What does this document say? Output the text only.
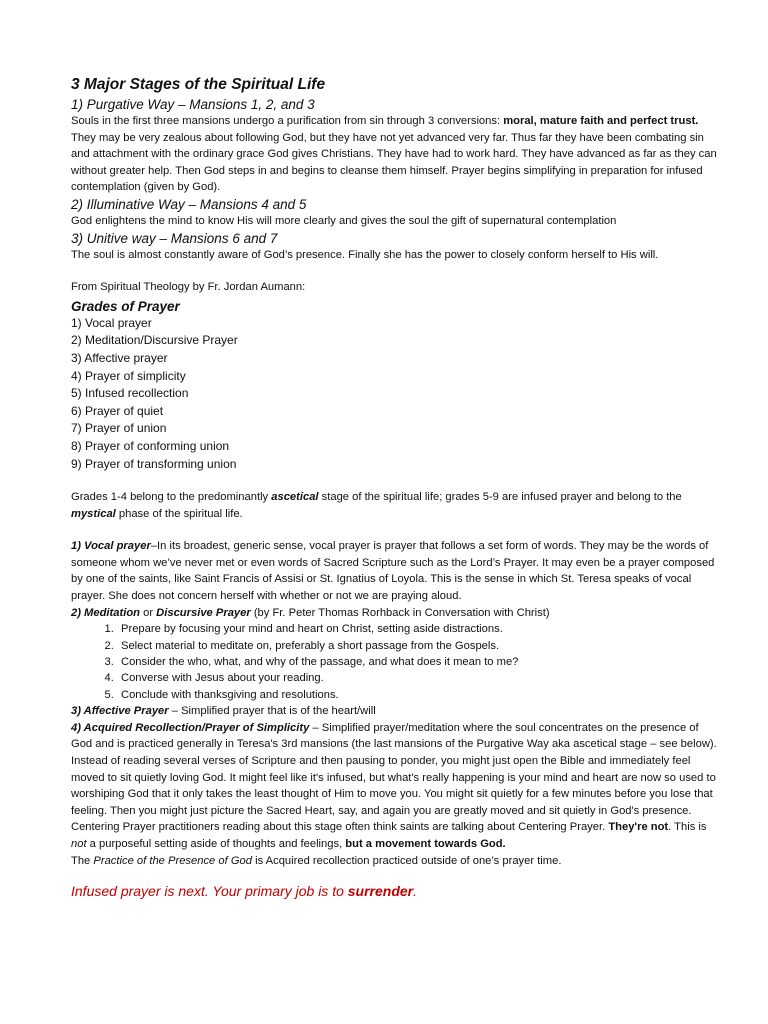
3 Major Stages of the Spiritual Life
1) Purgative Way – Mansions 1, 2, and 3

Souls in the first three mansions undergo a purification from sin through 3 conversions: moral, mature faith and perfect trust. They may be very zealous about following God, but they have not yet advanced very far. Thus far they have been combating sin and attachment with the ordinary grace God gives Christians. They have had to work hard. They have advanced as far as they can without greater help. Then God steps in and begins to cleanse them himself. Prayer begins simplifying in preparation for infused contemplation (given by God).

2) Illuminative Way – Mansions 4 and 5

God enlightens the mind to know His will more clearly and gives the soul the gift of supernatural contemplation

3) Unitive way – Mansions 6 and 7

The soul is almost constantly aware of God’s presence. Finally she has the power to closely conform herself to His will.

From Spiritual Theology by Fr. Jordan Aumann:

Grades of Prayer

1) Vocal prayer

2) Meditation/Discursive Prayer

3) Affective prayer

4) Prayer of simplicity

5) Infused recollection

6) Prayer of quiet

7) Prayer of union

8) Prayer of conforming union

9) Prayer of transforming union

Grades 1-4 belong to the predominantly ascetical stage of the spiritual life; grades 5-9 are infused prayer and belong to the mystical phase of the spiritual life.

1) Vocal prayer–In its broadest, generic sense, vocal prayer is prayer that follows a set form of words. They may be the words of someone whom we’ve never met or even words of Sacred Scripture such as the Lord’s Prayer. It may even be a prayer composed by one of the saints, like Saint Francis of Assisi or St. Ignatius of Loyola. This is the sense in which St. Teresa speaks of vocal prayer. She does not concern herself with whether or not we are praying aloud.

2) Meditation or Discursive Prayer (by Fr. Peter Thomas Rorhback in Conversation with Christ)

1. Prepare by focusing your mind and heart on Christ, setting aside distractions.
2. Select material to meditate on, preferably a short passage from the Gospels.
3. Consider the who, what, and why of the passage, and what does it mean to me?
4. Converse with Jesus about your reading.
5. Conclude with thanksgiving and resolutions.

3) Affective Prayer – Simplified prayer that is of the heart/will

4) Acquired Recollection/Prayer of Simplicity – Simplified prayer/meditation where the soul concentrates on the presence of God and is practiced generally in Teresa's 3rd mansions (the last mansions of the Purgative Way aka ascetical stage – see below). Instead of reading several verses of Scripture and then pausing to ponder, you might just open the Bible and immediately feel moved to sit quietly loving God. It might feel like it's infused, but what's really happening is your mind and heart are now so used to worshiping God that it only takes the least thought of Him to move you. You might sit quietly for a few minutes before you lose that feeling. Then you might just picture the Sacred Heart, say, and again you are greatly moved and sit quietly in God's presence. Centering Prayer practitioners reading about this stage often think saints are talking about Centering Prayer. They're not. This is not a purposeful setting aside of thoughts and feelings, but a movement towards God.

The Practice of the Presence of God is Acquired recollection practiced outside of one’s prayer time.

Infused prayer is next. Your primary job is to surrender.
